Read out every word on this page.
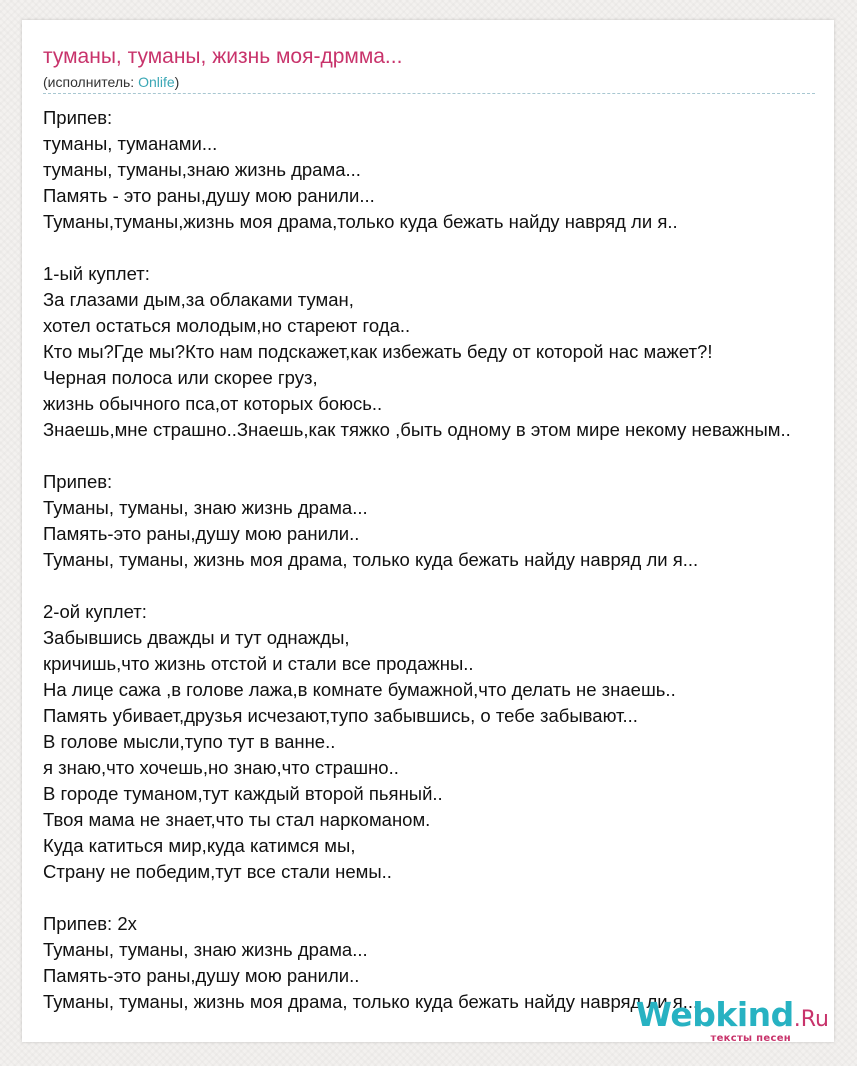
туманы, туманы, жизнь моя-дрмма...
(исполнитель: Onlife)
Припев:
туманы, туманами...
туманы, туманы,знаю жизнь драма...
Память - это раны,душу мою ранили...
Туманы,туманы,жизнь моя драма,только куда бежать найду навряд ли я..
1-ый куплет:
За глазами дым,за облаками туман,
хотел остаться молодым,но стареют года..
Кто мы?Где мы?Кто нам подскажет,как избежать беду от которой нас мажет?!
Черная полоса или скорее груз,
жизнь обычного пса,от которых боюсь..
Знаешь,мне страшно..Знаешь,как тяжко ,быть одному в этом мире некому неважным..
Припев:
Туманы, туманы, знаю жизнь драма...
Память-это раны,душу мою ранили..
Туманы, туманы, жизнь моя драма, только куда бежать найду навряд ли я...
2-ой куплет:
Забывшись дважды и тут однажды,
кричишь,что жизнь отстой и стали все продажны..
На лице сажа ,в голове лажа,в комнате бумажной,что делать не знаешь..
Память убивает,друзья исчезают,тупо забывшись, о тебе забывают...
В голове мысли,тупо тут в ванне..
я знаю,что хочешь,но знаю,что страшно..
В городе туманом,тут каждый второй пьяный..
Твоя мама не знает,что ты стал наркоманом.
Куда катиться мир,куда катимся мы,
Страну не победим,тут все стали немы..
Припев: 2x
Туманы, туманы, знаю жизнь драма...
Память-это раны,душу мою ранили..
Туманы, туманы, жизнь моя драма, только куда бежать найду навряд ли я...
Webkind.Ru
тексты песен
